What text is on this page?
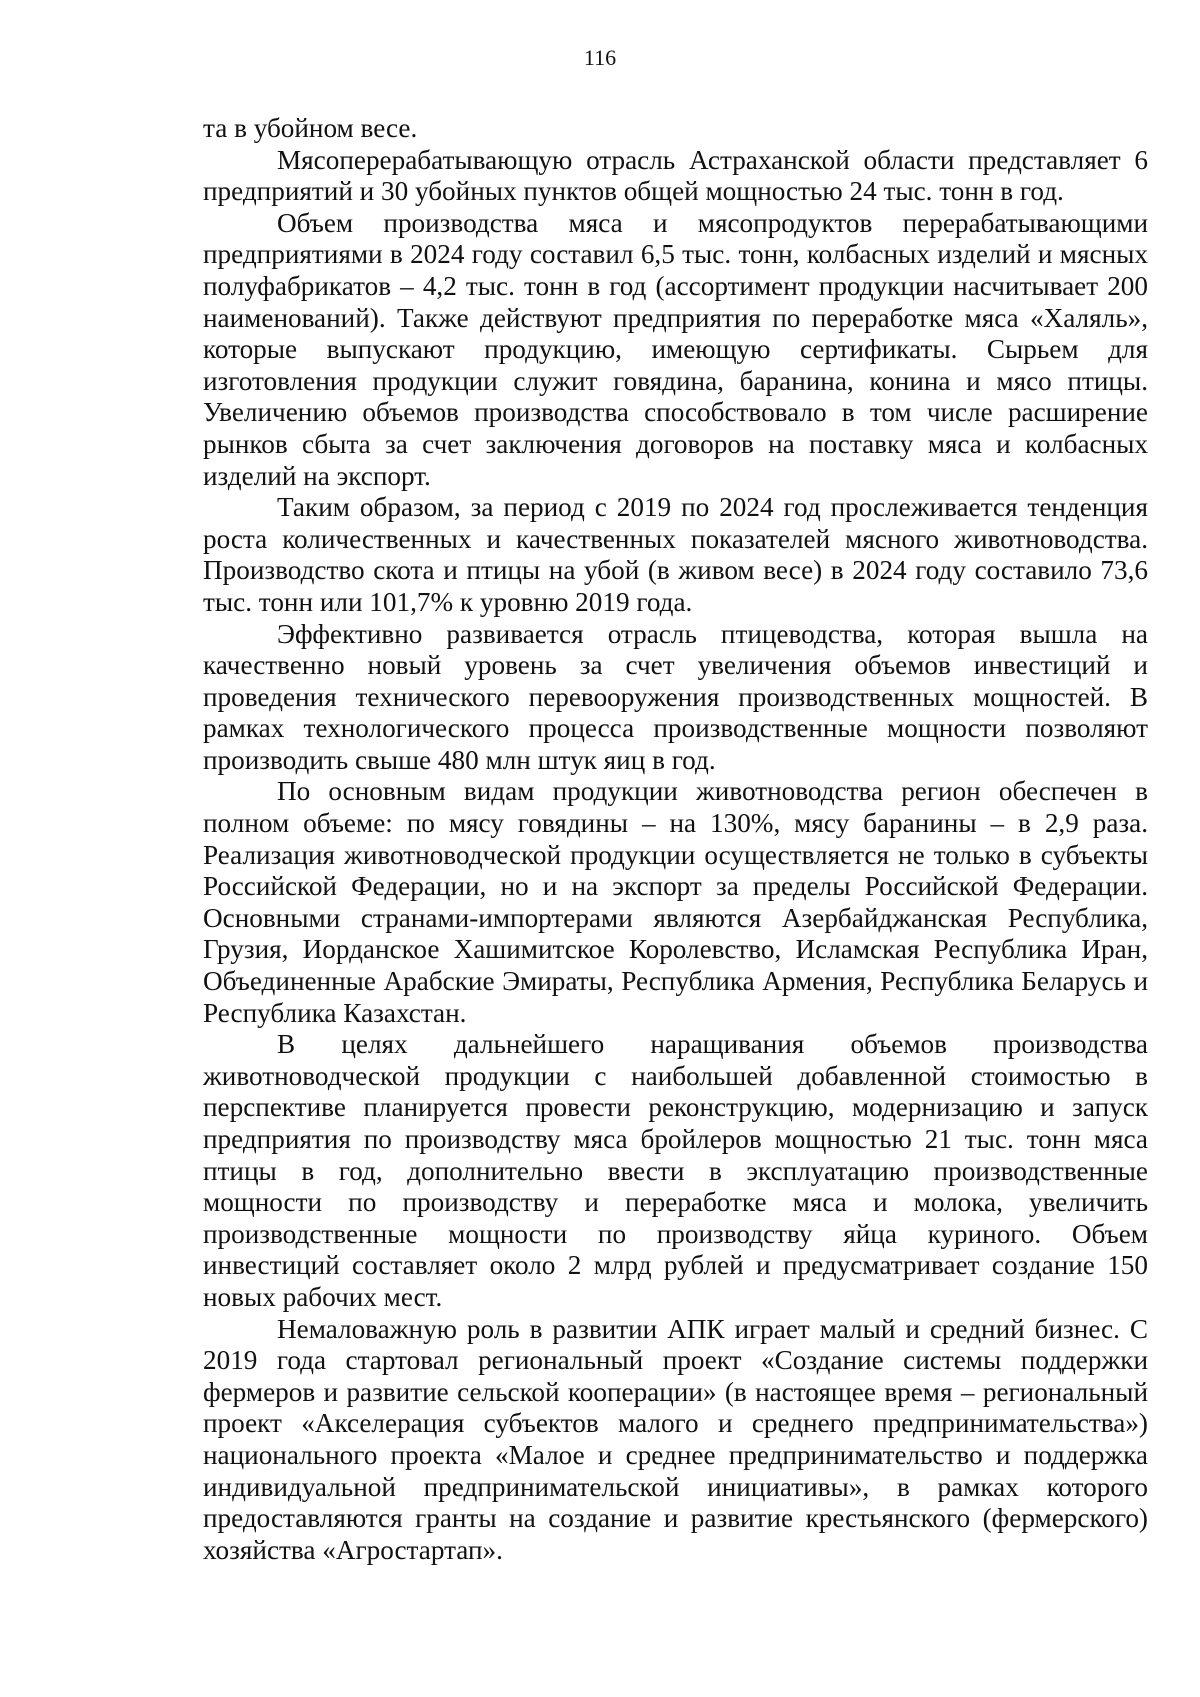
116

та в убойном весе.

Мясоперерабатывающую отрасль Астраханской области представляет 6 предприятий и 30 убойных пунктов общей мощностью 24 тыс. тонн в год.

Объем производства мяса и мясопродуктов перерабатывающими предприятиями в 2024 году составил 6,5 тыс. тонн, колбасных изделий и мясных полуфабрикатов – 4,2 тыс. тонн в год (ассортимент продукции насчитывает 200 наименований). Также действуют предприятия по переработке мяса «Халяль», которые выпускают продукцию, имеющую сертификаты. Сырьем для изготовления продукции служит говядина, баранина, конина и мясо птицы. Увеличению объемов производства способствовало в том числе расширение рынков сбыта за счет заключения договоров на поставку мяса и колбасных изделий на экспорт.

Таким образом, за период с 2019 по 2024 год прослеживается тенденция роста количественных и качественных показателей мясного животноводства. Производство скота и птицы на убой (в живом весе) в 2024 году составило 73,6 тыс. тонн или 101,7% к уровню 2019 года.

Эффективно развивается отрасль птицеводства, которая вышла на качественно новый уровень за счет увеличения объемов инвестиций и проведения технического перевооружения производственных мощностей. В рамках технологического процесса производственные мощности позволяют производить свыше 480 млн штук яиц в год.

По основным видам продукции животноводства регион обеспечен в полном объеме: по мясу говядины – на 130%, мясу баранины – в 2,9 раза. Реализация животноводческой продукции осуществляется не только в субъекты Российской Федерации, но и на экспорт за пределы Российской Федерации. Основными странами-импортерами являются Азербайджанская Республика, Грузия, Иорданское Хашимитское Королевство, Исламская Республика Иран, Объединенные Арабские Эмираты, Республика Армения, Республика Беларусь и Республика Казахстан.

В целях дальнейшего наращивания объемов производства животноводческой продукции с наибольшей добавленной стоимостью в перспективе планируется провести реконструкцию, модернизацию и запуск предприятия по производству мяса бройлеров мощностью 21 тыс. тонн мяса птицы в год, дополнительно ввести в эксплуатацию производственные мощности по производству и переработке мяса и молока, увеличить производственные мощности по производству яйца куриного. Объем инвестиций составляет около 2 млрд рублей и предусматривает создание 150 новых рабочих мест.

Немаловажную роль в развитии АПК играет малый и средний бизнес. С 2019 года стартовал региональный проект «Создание системы поддержки фермеров и развитие сельской кооперации» (в настоящее время – региональный проект «Акселерация субъектов малого и среднего предпринимательства») национального проекта «Малое и среднее предпринимательство и поддержка индивидуальной предпринимательской инициативы», в рамках которого предоставляются гранты на создание и развитие крестьянского (фермерского) хозяйства «Агростартап».
